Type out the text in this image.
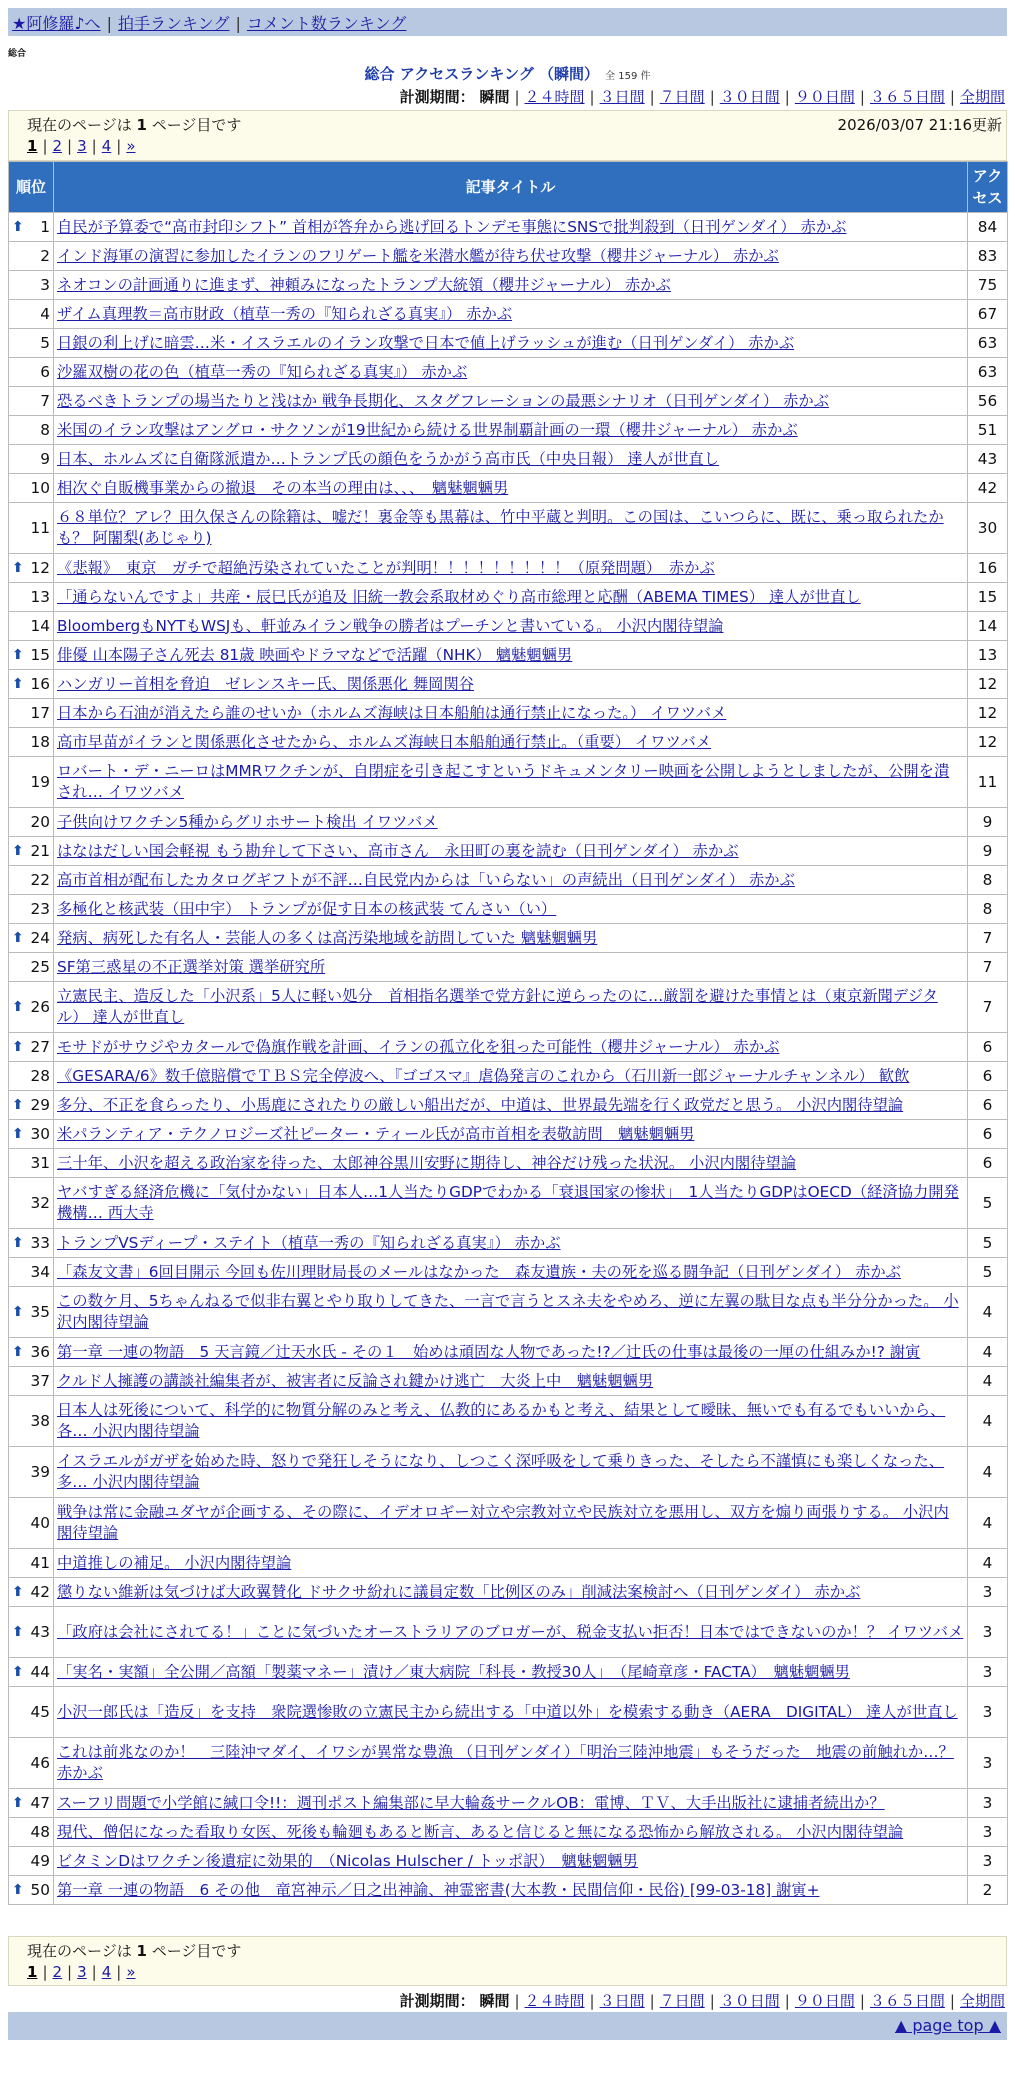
★阿修羅♪へ | 拍手ランキング | コメント数ランキング
総合
総合 アクセスランキング （瞬間） 全 159 件
計測期間： 瞬間 | ２４時間 | ３日間 | ７日間 | ３０日間 | ９０日間 | ３６５日間 | 全期間
現在のページは 1 ページ目です	2026/03/07 21:16更新
1 | 2 | 3 | 4 | »
順位	記事タイトル	アクセス

⬆ 1	自民が予算委で“高市封印シフト” 首相が答弁から逃げ回るトンデモ事態にSNSで批判殺到（日刊ゲンダイ） 赤かぶ	84
2	インド海軍の演習に参加したイランのフリゲート艦を米潜水艦が待ち伏せ攻撃（櫻井ジャーナル） 赤かぶ	83
3	ネオコンの計画通りに進まず、神頼みになったトランプ大統領（櫻井ジャーナル） 赤かぶ	75
4	ザイム真理教＝高市財政（植草一秀の『知られざる真実』） 赤かぶ	67
5	日銀の利上げに暗雲…米・イスラエルのイラン攻撃で日本で値上げラッシュが進む（日刊ゲンダイ） 赤かぶ	63
6	沙羅双樹の花の色（植草一秀の『知られざる真実』） 赤かぶ	63
7	恐るべきトランプの場当たりと浅はか 戦争長期化、スタグフレーションの最悪シナリオ（日刊ゲンダイ） 赤かぶ	56
8	米国のイラン攻撃はアングロ・サクソンが19世紀から続ける世界制覇計画の一環（櫻井ジャーナル） 赤かぶ	51
9	日本、ホルムズに自衛隊派遣か…トランプ氏の顔色をうかがう高市氏（中央日報） 達人が世直し	43
10	相次ぐ自販機事業からの撤退　その本当の理由は、、、　魑魅魍魎男	42
11	６８単位？アレ？田久保さんの除籍は、嘘だ！裏金等も黒幕は、竹中平蔵と判明。この国は、こいつらに、既に、乗っ取られたかも？ 阿闍梨(あじゃり)	30

⬆ 12	《悲報》　東京　ガチで超絶汚染されていたことが判明！！！！！！！！！（原発問題）　赤かぶ	16
13	「通らないんですよ」共産・辰巳氏が追及 旧統一教会系取材めぐり高市総理と応酬（ABEMA TIMES） 達人が世直し	15
14	BloombergもNYTもWSJも、軒並みイラン戦争の勝者はプーチンと書いている。 小沢内閣待望論	14

⬆ 15	俳優 山本陽子さん死去 81歳 映画やドラマなどで活躍（NHK） 魑魅魍魎男	13

⬆ 16	ハンガリー首相を脅迫　ゼレンスキー氏、関係悪化 舞岡関谷	12
17	日本から石油が消えたら誰のせいか（ホルムズ海峡は日本船舶は通行禁止になった。） イワツバメ	12
18	高市早苗がイランと関係悪化させたから、ホルムズ海峡日本船舶通行禁止。（重要） イワツバメ	12
19	ロバート・デ・ニーロはMMRワクチンが、自閉症を引き起こすというドキュメンタリー映画を公開しようとしましたが、公開を潰され… イワツバメ	11
20	子供向けワクチン5種からグリホサート検出 イワツバメ	9

⬆ 21	はなはだしい国会軽視 もう勘弁して下さい、高市さん　永田町の裏を読む（日刊ゲンダイ） 赤かぶ	9
22	高市首相が配布したカタログギフトが不評…自民党内からは「いらない」の声続出（日刊ゲンダイ） 赤かぶ	8
23	多極化と核武装（田中宇） トランプが促す日本の核武装 てんさい（い）	8

⬆ 24	発病、病死した有名人・芸能人の多くは高汚染地域を訪問していた 魑魅魍魎男	7
25	SF第三惑星の不正選挙対策 選挙研究所	7

⬆ 26	立憲民主、造反した「小沢系」5人に軽い処分　首相指名選挙で党方針に逆らったのに…厳罰を避けた事情とは（東京新聞デジタル） 達人が世直し	7

⬆ 27	モサドがサウジやカタールで偽旗作戦を計画、イランの孤立化を狙った可能性（櫻井ジャーナル） 赤かぶ	6
28	《GESARA/6》数千億賠償でＴＢＳ完全停波へ、『ゴゴスマ』虐偽発言のこれから（石川新一郎ジャーナルチャンネル） 歓飲	6

⬆ 29	多分、不正を食らったり、小馬鹿にされたりの厳しい船出だが、中道は、世界最先端を行く政党だと思う。 小沢内閣待望論	6

⬆ 30	米パランティア・テクノロジーズ社ピーター・ティール氏が高市首相を表敬訪問　魑魅魍魎男	6
31	三十年、小沢を超える政治家を待った、太郎神谷黒川安野に期待し、神谷だけ残った状況。 小沢内閣待望論	6
32	ヤバすぎる経済危機に「気付かない」日本人…1人当たりGDPでわかる「衰退国家の惨状」　1人当たりGDPはOECD（経済協力開発機構… 西大寺	5

⬆ 33	トランプVSディープ・ステイト（植草一秀の『知られざる真実』） 赤かぶ	5
34	「森友文書」6回目開示 今回も佐川理財局長のメールはなかった　森友遺族・夫の死を巡る闘争記（日刊ゲンダイ） 赤かぶ	5

⬆ 35	この数ケ月、5ちゃんねるで似非右翼とやり取りしてきた、一言で言うとスネ夫をやめろ、逆に左翼の駄目な点も半分分かった。 小沢内閣待望論	4

⬆ 36	第一章 一連の物語　5 天言鏡／辻天水氏 - その１　始めは頑固な人物であった!?／辻氏の仕事は最後の一厘の仕組みか!? 謝寅	4
37	クルド人擁護の講談社編集者が、被害者に反論され鍵かけ逃亡　大炎上中　魑魅魍魎男	4
38	日本人は死後について、科学的に物質分解のみと考え、仏教的にあるかもと考え、結果として曖昧、無いでも有るでもいいから、各… 小沢内閣待望論	4
39	イスラエルがガザを始めた時、怒りで発狂しそうになり、しつこく深呼吸をして乗りきった、そしたら不謹慎にも楽しくなった、多… 小沢内閣待望論	4
40	戦争は常に金融ユダヤが企画する、その際に、イデオロギー対立や宗教対立や民族対立を悪用し、双方を煽り両張りする。 小沢内閣待望論	4
41	中道推しの補足。 小沢内閣待望論	4

⬆ 42	懲りない維新は気づけば大政翼賛化 ドサクサ紛れに議員定数「比例区のみ」削減法案検討へ（日刊ゲンダイ） 赤かぶ	3

⬆ 43	「政府は会社にされてる！」ことに気づいたオーストラリアのブロガーが、税金支払い拒否！日本ではできないのか！？ イワツバメ	3

⬆ 44	「実名・実額」全公開／高額「製薬マネー」漬け／東大病院「科長・教授30人」　（尾崎章彦・FACTA）　魑魅魍魎男	3
45	小沢一郎氏は「造反」を支持　衆院選惨敗の立憲民主から続出する「中道以外」を模索する動き（AERA　DIGITAL） 達人が世直し	3
46	これは前兆なのか！　三陸沖マダイ、イワシが異常な豊漁 （日刊ゲンダイ）「明治三陸沖地震」もそうだった　地震の前触れか…？ 赤かぶ	3

⬆ 47	スーフリ問題で小学館に緘口令!!：週刊ポスト編集部に早大輪姦サークルOB：電博、ＴＶ、大手出版社に逮捕者続出か？	3
48	現代、僧侶になった看取り女医、死後も輪廻もあると断言、あると信じると無になる恐怖から解放される。 小沢内閣待望論	3
49	ビタミンDはワクチン後遺症に効果的　（Nicolas Hulscher / トッポ訳）　魑魅魍魎男	3

⬆ 50	第一章 一連の物語　6 その他　竜宮神示／日之出神諭、神霊密書(大本教・民間信仰・民俗) [99-03-18] 謝寅+	2
現在のページは 1 ページ目です
1 | 2 | 3 | 4 | »
計測期間： 瞬間 | ２４時間 | ３日間 | ７日間 | ３０日間 | ９０日間 | ３６５日間 | 全期間
▲ page top ▲
